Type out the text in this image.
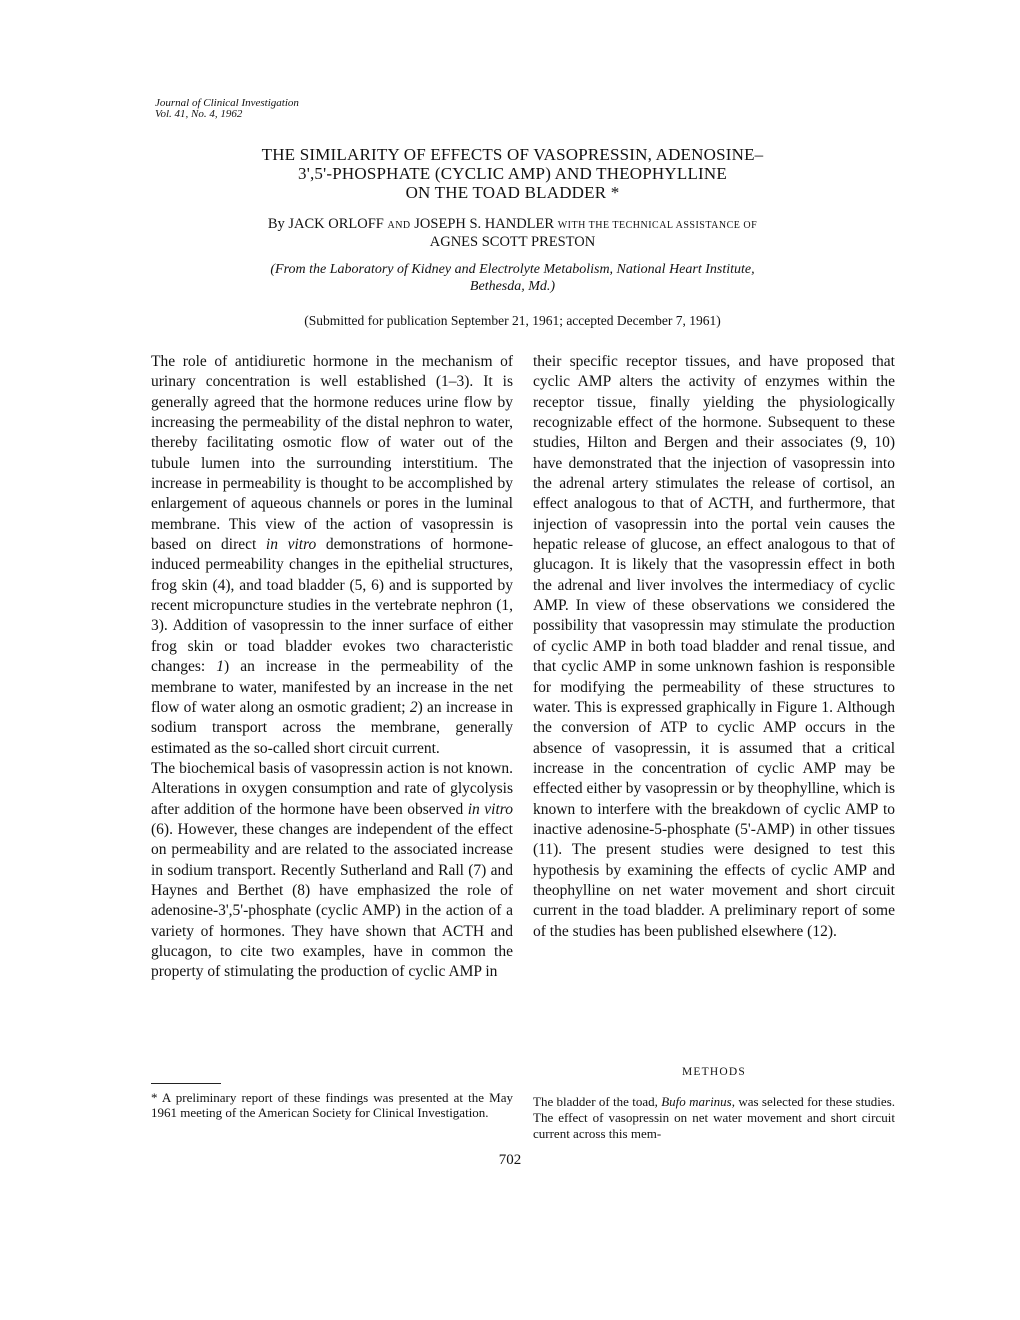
Journal of Clinical Investigation
Vol. 41, No. 4, 1962
THE SIMILARITY OF EFFECTS OF VASOPRESSIN, ADENOSINE–
3',5'-PHOSPHATE (CYCLIC AMP) AND THEOPHYLLINE
ON THE TOAD BLADDER *
By JACK ORLOFF AND JOSEPH S. HANDLER WITH THE TECHNICAL ASSISTANCE OF
AGNES SCOTT PRESTON
(From the Laboratory of Kidney and Electrolyte Metabolism, National Heart Institute,
Bethesda, Md.)
(Submitted for publication September 21, 1961; accepted December 7, 1961)

The role of antidiuretic hormone in the mechanism of urinary concentration is well established (1–3). It is generally agreed that the hormone reduces urine flow by increasing the permeability of the distal nephron to water, thereby facilitating osmotic flow of water out of the tubule lumen into the surrounding interstitium. The increase in permeability is thought to be accomplished by enlargement of aqueous channels or pores in the luminal membrane. This view of the action of vasopressin is based on direct in vitro demonstrations of hormone-induced permeability changes in the epithelial structures, frog skin (4), and toad bladder (5, 6) and is supported by recent micropuncture studies in the vertebrate nephron (1, 3). Addition of vasopressin to the inner surface of either frog skin or toad bladder evokes two characteristic changes: 1) an increase in the permeability of the membrane to water, manifested by an increase in the net flow of water along an osmotic gradient; 2) an increase in sodium transport across the membrane, generally estimated as the so-called short circuit current.

The biochemical basis of vasopressin action is not known. Alterations in oxygen consumption and rate of glycolysis after addition of the hormone have been observed in vitro (6). However, these changes are independent of the effect on permeability and are related to the associated increase in sodium transport. Recently Sutherland and Rall (7) and Haynes and Berthet (8) have emphasized the role of adenosine-3',5'-phosphate (cyclic AMP) in the action of a variety of hormones. They have shown that ACTH and glucagon, to cite two examples, have in common the property of stimulating the production of cyclic AMP in

their specific receptor tissues, and have proposed that cyclic AMP alters the activity of enzymes within the receptor tissue, finally yielding the physiologically recognizable effect of the hormone. Subsequent to these studies, Hilton and Bergen and their associates (9, 10) have demonstrated that the injection of vasopressin into the adrenal artery stimulates the release of cortisol, an effect analogous to that of ACTH, and furthermore, that injection of vasopressin into the portal vein causes the hepatic release of glucose, an effect analogous to that of glucagon. It is likely that the vasopressin effect in both the adrenal and liver involves the intermediacy of cyclic AMP. In view of these observations we considered the possibility that vasopressin may stimulate the production of cyclic AMP in both toad bladder and renal tissue, and that cyclic AMP in some unknown fashion is responsible for modifying the permeability of these structures to water. This is expressed graphically in Figure 1. Although the conversion of ATP to cyclic AMP occurs in the absence of vasopressin, it is assumed that a critical increase in the concentration of cyclic AMP may be effected either by vasopressin or by theophylline, which is known to interfere with the breakdown of cyclic AMP to inactive adenosine-5-phosphate (5'-AMP) in other tissues (11). The present studies were designed to test this hypothesis by examining the effects of cyclic AMP and theophylline on net water movement and short circuit current in the toad bladder. A preliminary report of some of the studies has been published elsewhere (12).

* A preliminary report of these findings was presented at the May 1961 meeting of the American Society for Clinical Investigation.
METHODS
The bladder of the toad, Bufo marinus, was selected for these studies. The effect of vasopressin on net water movement and short circuit current across this mem-
702
